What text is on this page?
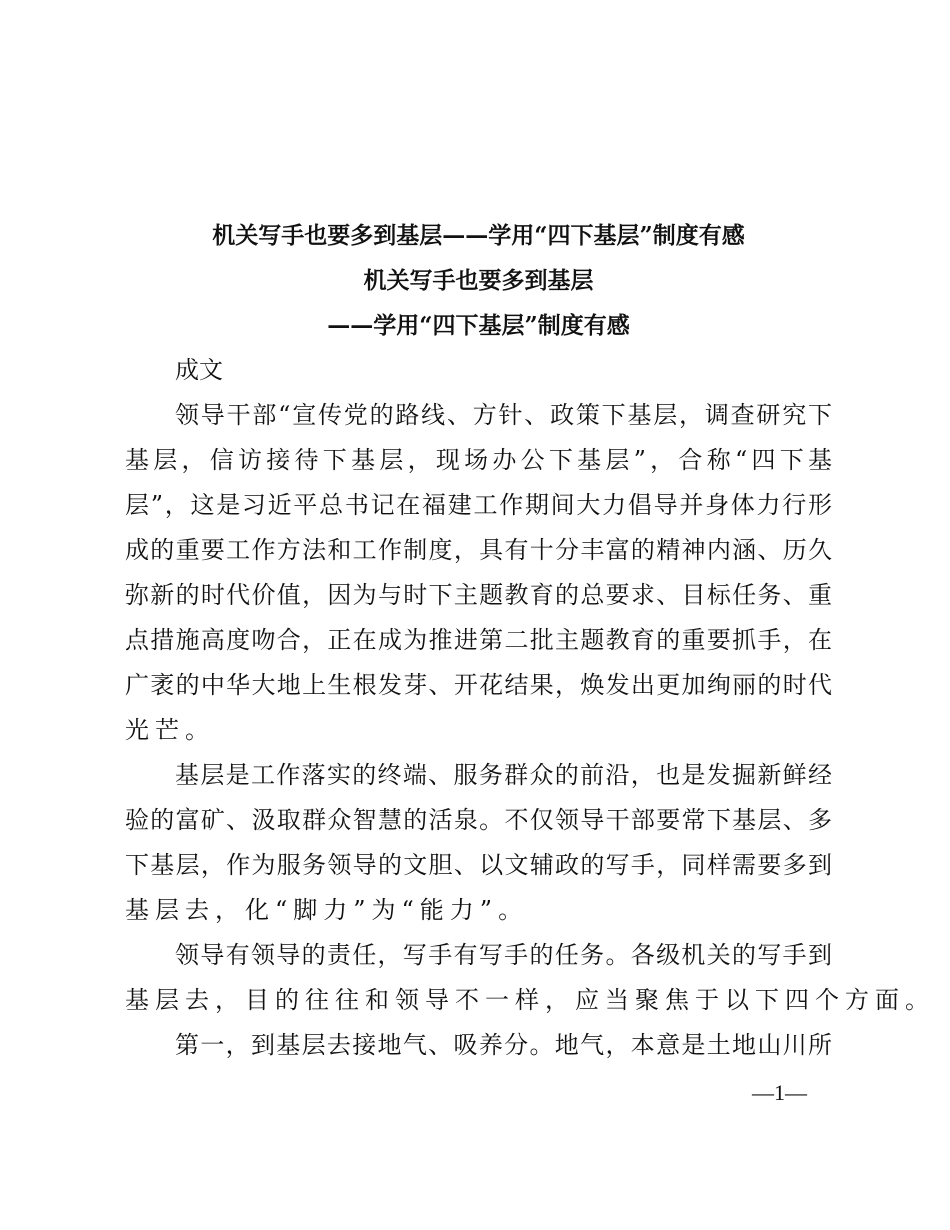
机关写手也要多到基层——学用“四下基层”制度有感
机关写手也要多到基层
——学用“四下基层”制度有感
成文
领导干部“宣传党的路线、方针、政策下基层，调查研究下
基层，信访接待下基层，现场办公下基层”，合称“四下基
层”，这是习近平总书记在福建工作期间大力倡导并身体力行形
成的重要工作方法和工作制度，具有十分丰富的精神内涵、历久
弥新的时代价值，因为与时下主题教育的总要求、目标任务、重
点措施高度吻合，正在成为推进第二批主题教育的重要抓手，在
广袤的中华大地上生根发芽、开花结果，焕发出更加绚丽的时代
光芒。
基层是工作落实的终端、服务群众的前沿，也是发掘新鲜经
验的富矿、汲取群众智慧的活泉。不仅领导干部要常下基层、多
下基层，作为服务领导的文胆、以文辅政的写手，同样需要多到
基层去，化“脚力”为“能力”。
领导有领导的责任，写手有写手的任务。各级机关的写手到
基层去，目的往往和领导不一样，应当聚焦于以下四个方面。
第一，到基层去接地气、吸养分。地气，本意是土地山川所
—1—
